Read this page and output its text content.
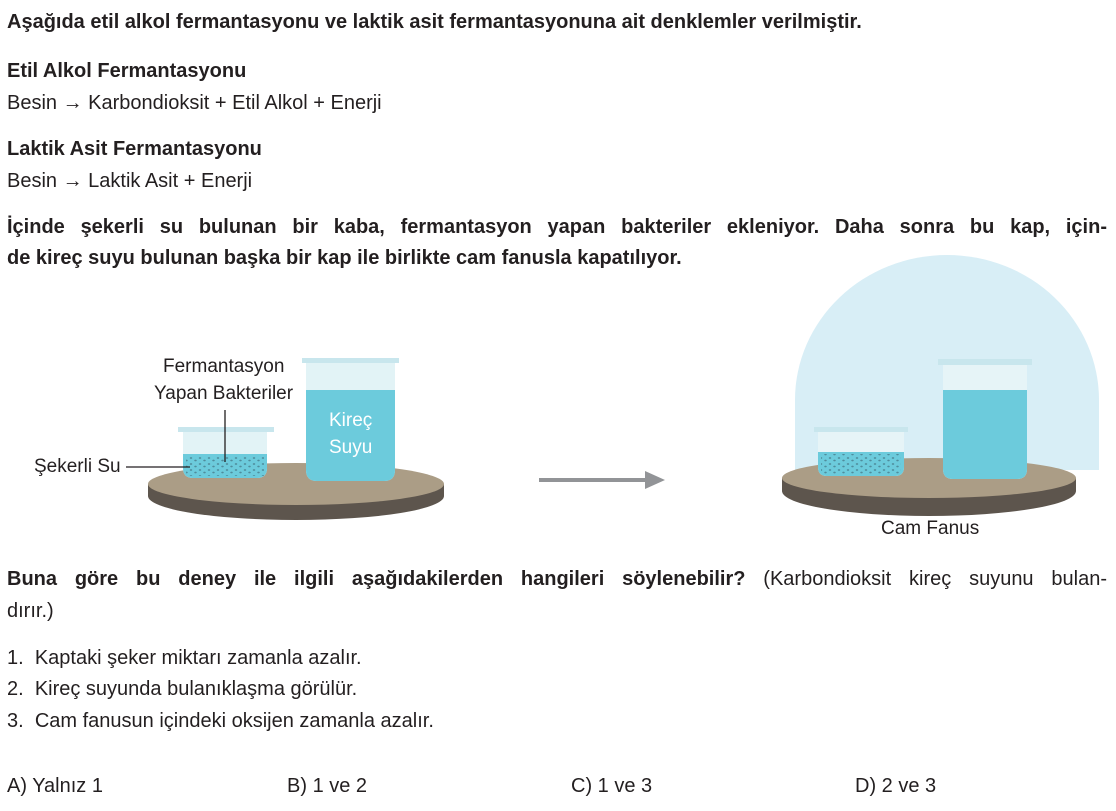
Aşağıda etil alkol fermantasyonu ve laktik asit fermantasyonuna ait denklemler verilmiştir.
Etil Alkol Fermantasyonu
Besin → Karbondioksit + Etil Alkol + Enerji
Laktik Asit Fermantasyonu
Besin → Laktik Asit + Enerji
İçinde şekerli su bulunan bir kaba, fermantasyon yapan bakteriler ekleniyor. Daha sonra bu kap, için-
de kireç suyu bulunan başka bir kap ile birlikte cam fanusla kapatılıyor.
Fermantasyon
Yapan Bakteriler
Şekerli Su
Kireç
Suyu
Cam Fanus
Buna göre bu deney ile ilgili aşağıdakilerden hangileri söylenebilir? (Karbondioksit kireç suyunu bulan-
dırır.)
1. Kaptaki şeker miktarı zamanla azalır.
2. Kireç suyunda bulanıklaşma görülür.
3. Cam fanusun içindeki oksijen zamanla azalır.
A) Yalnız 1	B) 1 ve 2	C) 1 ve 3	D) 2 ve 3
